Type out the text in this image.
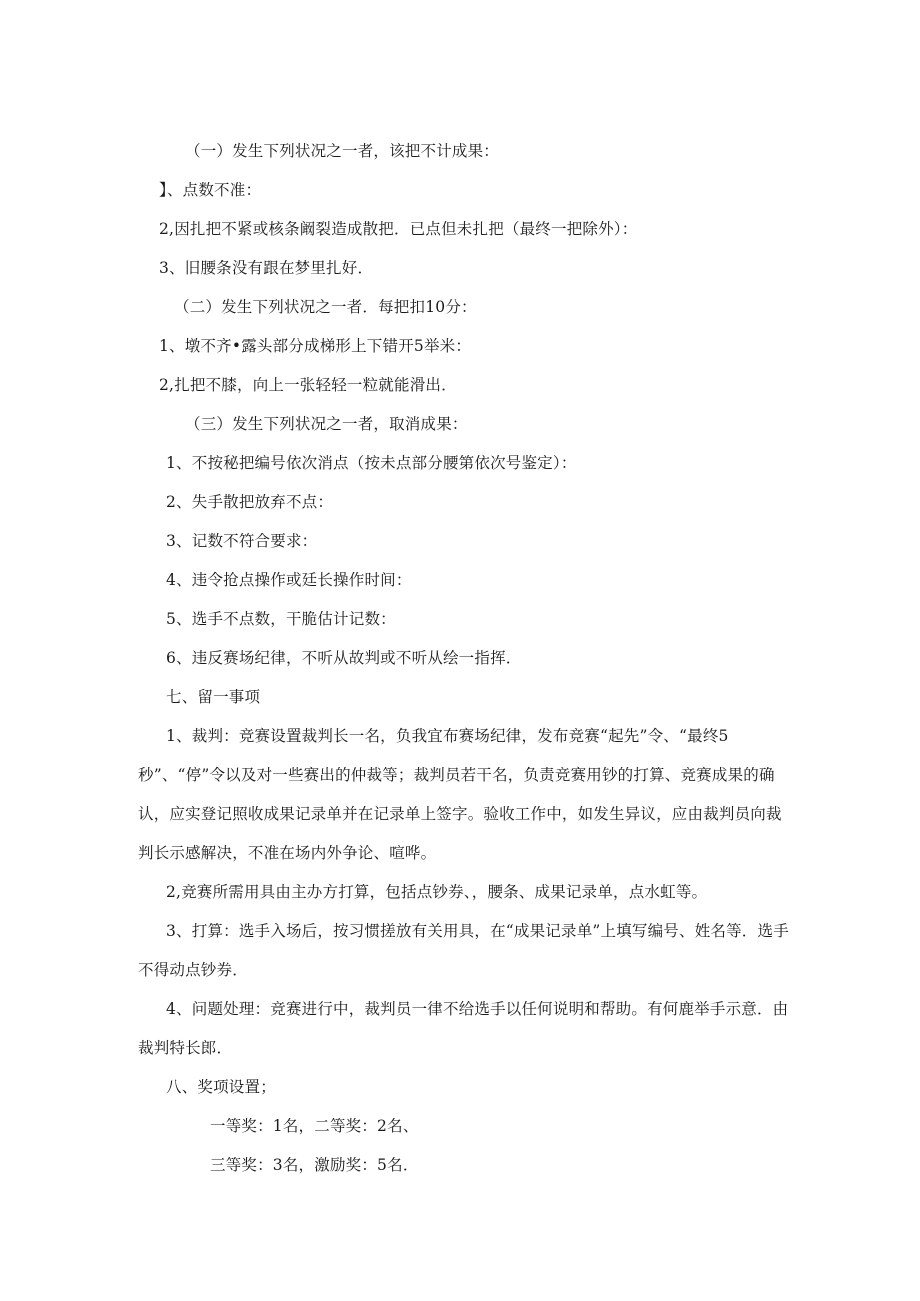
（一）发生下列状况之一者，该把不计成果：
】、点数不准：
2,因扎把不紧或核条阚裂造成散把．已点但未扎把（最终一把除外）：
3、旧腰条没有跟在梦里扎好．
（二）发生下列状况之一者．每把扣10分：
1、墩不齐•露头部分成梯形上下错开5举米：
2,扎把不膝，向上一张轻轻一粒就能滑出．
（三）发生下列状况之一者，取消成果：
1、不按秘把编号依次消点（按未点部分腰第依次号鉴定）：
2、失手散把放弃不点：
3、记数不符合要求：
4、违令抢点操作或廷长操作时间：
5、选手不点数，干脆估计记数：
6、违反赛场纪律，不听从故判或不听从绘一指挥．
七、留一事项
1、裁判：竞赛设置裁判长一名，负我宜布赛场纪律，发布竞赛“起先”令、“最终5
秒”、“停”令以及对一些赛出的仲裁等；裁判员若干名，负责竞赛用钞的打算、竞赛成果的确
认，应实登记照收成果记录单并在记录单上签字。验收工作中，如发生异议，应由裁判员向裁
判长示感解决，不准在场内外争论、喧哗。
2,竞赛所需用具由主办方打算，包括点钞券、，腰条、成果记录单，点水虹等。
3、打算：选手入场后，按习惯搓放有关用具，在“成果记录单”上填写编号、姓名等．选手
不得动点钞券．
4、问题处理：竞赛进行中，裁判员一律不给选手以任何说明和帮助。有何鹿举手示意．由
裁判特长郎．
八、奖项设置；
一等奖：1名，二等奖：2名、
三等奖：3名，激励奖：5名．
